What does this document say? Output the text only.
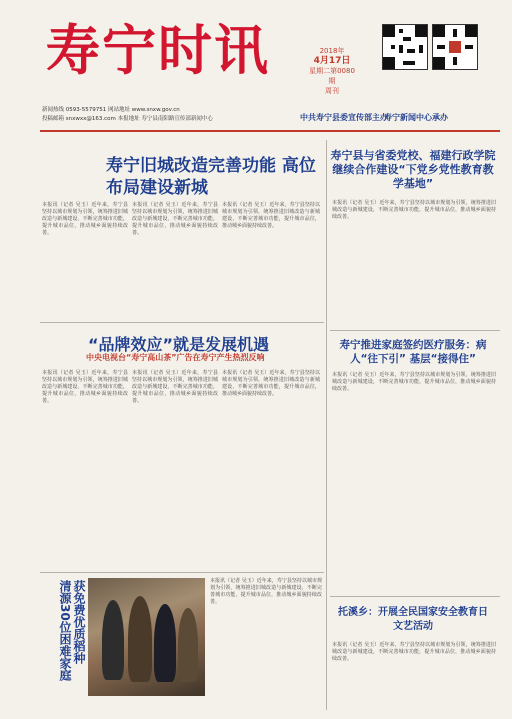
寿宁时讯	2018年
4月17日
星期二第0080期
周刊
新闻热线 0593-5579751 网站地址 www.snxw.gov.cn
投稿邮箱 snxwxx@163.com 本报地址 寿宁县南阳路宣传部新闻中心	中共寿宁县委宣传部主办
寿宁新闻中心承办
寿宁旧城改造完善功能 高位布局建设新城
本报讯（记者 吴玉）近年来，寿宁县坚持以城市规划为引领，统筹推进旧城改造与新城建设，不断完善城市功能，提升城市品位，推动城乡面貌持续改善。
本报讯（记者 吴玉）近年来，寿宁县坚持以城市规划为引领，统筹推进旧城改造与新城建设，不断完善城市功能，提升城市品位，推动城乡面貌持续改善。
本报讯（记者 吴玉）近年来，寿宁县坚持以城市规划为引领，统筹推进旧城改造与新城建设，不断完善城市功能，提升城市品位，推动城乡面貌持续改善。
寿宁县与省委党校、福建行政学院继续合作建设“下党乡党性教育教学基地”
本报讯（记者 吴玉）近年来，寿宁县坚持以城市规划为引领，统筹推进旧城改造与新城建设，不断完善城市功能，提升城市品位，推动城乡面貌持续改善。
寿宁推进家庭签约医疗服务：病人“往下引” 基层“接得住”
本报讯（记者 吴玉）近年来，寿宁县坚持以城市规划为引领，统筹推进旧城改造与新城建设，不断完善城市功能，提升城市品位，推动城乡面貌持续改善。
“品牌效应”就是发展机遇
中央电视台“寿宁高山茶”广告在寿宁产生热烈反响
本报讯（记者 吴玉）近年来，寿宁县坚持以城市规划为引领，统筹推进旧城改造与新城建设，不断完善城市功能，提升城市品位，推动城乡面貌持续改善。
本报讯（记者 吴玉）近年来，寿宁县坚持以城市规划为引领，统筹推进旧城改造与新城建设，不断完善城市功能，提升城市品位，推动城乡面貌持续改善。
本报讯（记者 吴玉）近年来，寿宁县坚持以城市规划为引领，统筹推进旧城改造与新城建设，不断完善城市功能，提升城市品位，推动城乡面貌持续改善。
获免费优质稻种
清源30位困难家庭	本报讯（记者 吴玉）近年来，寿宁县坚持以城市规划为引领，统筹推进旧城改造与新城建设，不断完善城市功能，提升城市品位，推动城乡面貌持续改善。
托溪乡：开展全民国家安全教育日文艺活动
本报讯（记者 吴玉）近年来，寿宁县坚持以城市规划为引领，统筹推进旧城改造与新城建设，不断完善城市功能，提升城市品位，推动城乡面貌持续改善。
